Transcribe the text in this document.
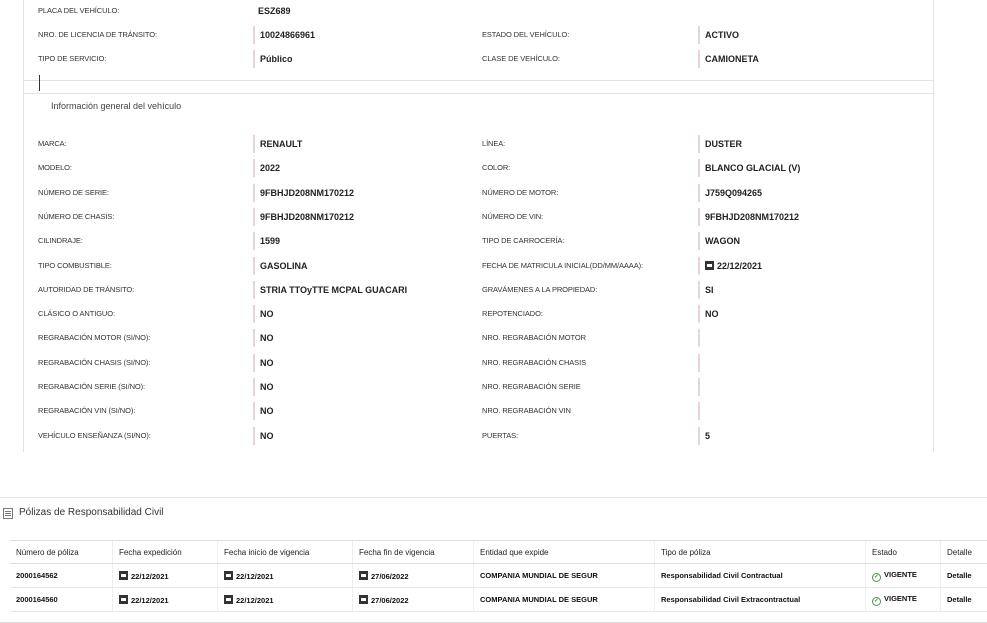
PLACA DEL VEHÍCULO:	ESZ689
NRO. DE LICENCIA DE TRÁNSITO:	10024866961	ESTADO DEL VEHÍCULO:	ACTIVO
TIPO DE SERVICIO:	Público	CLASE DE VEHÍCULO:	CAMIONETA
Información general del vehículo
MARCA:	RENAULT	LÍNEA:	DUSTER
MODELO:	2022	COLOR:	BLANCO GLACIAL (V)
NÚMERO DE SERIE:	9FBHJD208NM170212	NÚMERO DE MOTOR:	J759Q094265
NÚMERO DE CHASIS:	9FBHJD208NM170212	NÚMERO DE VIN:	9FBHJD208NM170212
CILINDRAJE:	1599	TIPO DE CARROCERÍA:	WAGON
TIPO COMBUSTIBLE:	GASOLINA	FECHA DE MATRICULA INICIAL(DD/MM/AAAA):	22/12/2021
AUTORIDAD DE TRÁNSITO:	STRIA TTOyTTE MCPAL GUACARI	GRAVÁMENES A LA PROPIEDAD:	SI
CLÁSICO O ANTIGUO:	NO	REPOTENCIADO:	NO
REGRABACIÓN MOTOR (SI/NO):	NO	NRO. REGRABACIÓN MOTOR
REGRABACIÓN CHASIS (SI/NO):	NO	NRO. REGRABACIÓN CHASIS
REGRABACIÓN SERIE (SI/NO):	NO	NRO. REGRABACIÓN SERIE
REGRABACIÓN VIN (SI/NO):	NO	NRO. REGRABACIÓN VIN
VEHÍCULO ENSEÑANZA (SI/NO):	NO	PUERTAS:	5
Pólizas de Responsabilidad Civil
Número de póliza	Fecha expedición	Fecha inicio de vigencia	Fecha fin de vigencia	Entidad que expide	Tipo de póliza	Estado	Detalle
2000164562	22/12/2021	22/12/2021	27/06/2022	COMPANIA MUNDIAL DE SEGUR	Responsabilidad Civil Contractual	✓ VIGENTE	Detalle
2000164560	22/12/2021	22/12/2021	27/06/2022	COMPANIA MUNDIAL DE SEGUR	Responsabilidad Civil Extracontractual	✓ VIGENTE	Detalle
